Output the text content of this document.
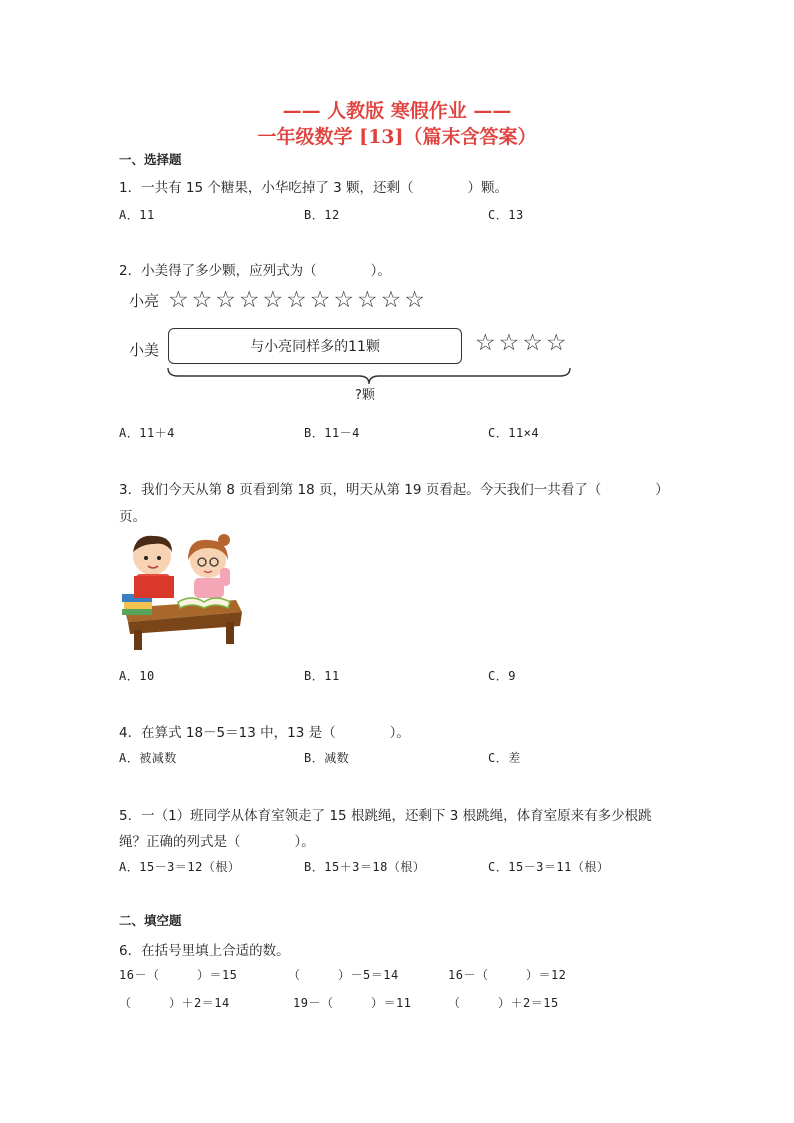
—— 人教版 寒假作业 ——
一年级数学 [13]（篇末含答案）
一、选择题
1．一共有 15 个糖果，小华吃掉了 3 颗，还剩（　　　　）颗。
A．11	B．12	C．13
2．小美得了多少颗，应列式为（　　　　）。
小亮 ☆ ☆ ☆ ☆ ☆ ☆ ☆ ☆ ☆ ☆ ☆
小美	与小亮同样多的11颗	☆ ☆ ☆ ☆
?颗
A．11＋4	B．11－4	C．11×4
3．我们今天从第 8 页看到第 18 页，明天从第 19 页看起。今天我们一共看了（　　　　）
页。
A．10	B．11	C．9
4．在算式 18－5＝13 中，13 是（　　　　）。
A．被减数	B．减数	C．差
5．一（1）班同学从体育室领走了 15 根跳绳，还剩下 3 根跳绳，体育室原来有多少根跳
绳？正确的列式是（　　　　）。
A．15－3＝12（根）	B．15＋3＝18（根）	C．15－3＝11（根）
二、填空题
6．在括号里填上合适的数。
16－（　　　）＝15	（　　　）－5＝14	16－（　　　）＝12
（　　　）＋2＝14	19－（　　　）＝11	（　　　）＋2＝15
